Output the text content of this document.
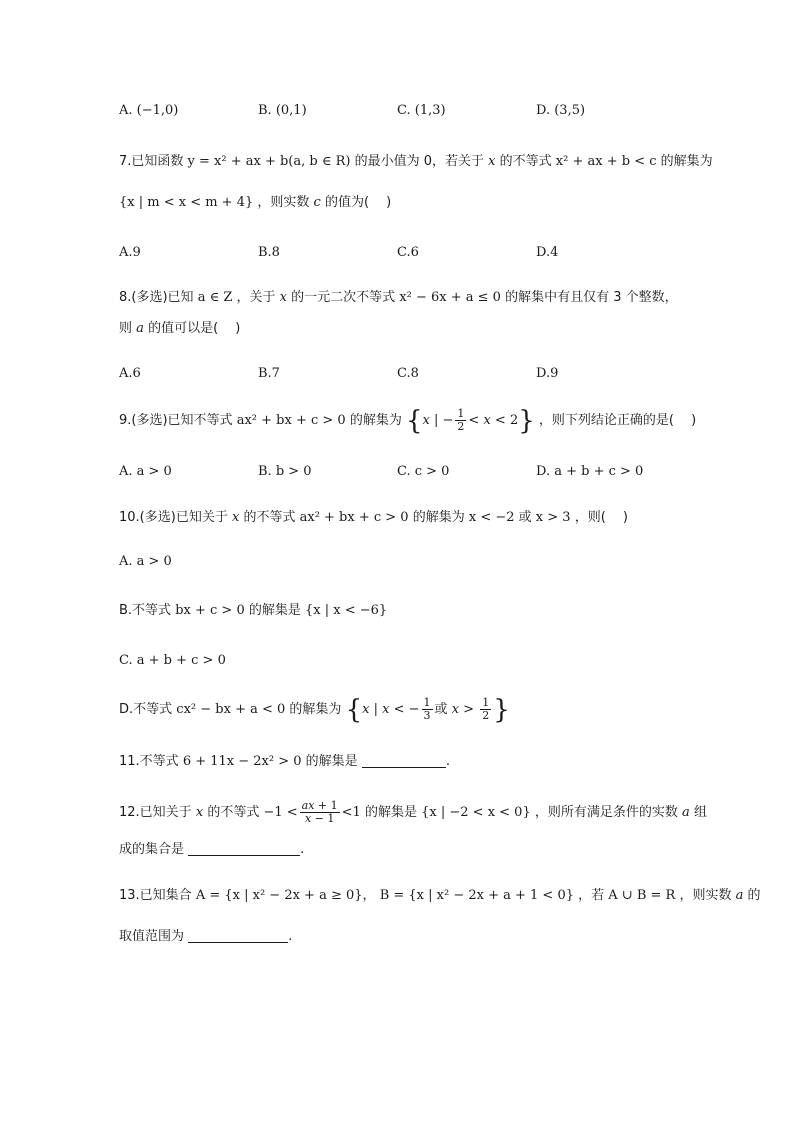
A. (−1,0)	B. (0,1)	C. (1,3)	D. (3,5)
7.已知函数 y = x² + ax + b(a, b ∈ R) 的最小值为 0，若关于 x 的不等式 x² + ax + b < c 的解集为
{x | m < x < m + 4} ，则实数 c 的值为(　 )
A.9	B.8	C.6	D.4
8.(多选)已知 a ∈ Z ，关于 x 的一元二次不等式 x² − 6x + a ≤ 0 的解集中有且仅有 3 个整数，
则 a 的值可以是(　 )
A.6	B.7	C.8	D.9
9.(多选)已知不等式 ax² + bx + c > 0 的解集为 {x | − $\frac{1}{2} < x < 2$} ，则下列结论正确的是(　 )
A. a > 0	B. b > 0	C. c > 0	D. a + b + c > 0
10.(多选)已知关于 x 的不等式 ax² + bx + c > 0 的解集为 x < −2 或 x > 3 ，则(　 )
A. a > 0
B.不等式 bx + c > 0 的解集是 {x | x < −6}
C. a + b + c > 0
D.不等式 cx² − bx + a < 0 的解集为 {x | x < − $\frac{1}{3}$ 或 $x > \frac{1}{2}$ }
11.不等式 6 + 11x − 2x² > 0 的解集是	.
12.已知关于 x 的不等式 $-1 < \frac{ax + 1}{x - 1} <1$ 的解集是 {x | −2 < x < 0} ，则所有满足条件的实数 a 组
成的集合是	.
13.已知集合 A = {x | x² − 2x + a ≥ 0}， B = {x | x² − 2x + a + 1 < 0} ，若 A ∪ B = R ，则实数 a 的
取值范围为	.
